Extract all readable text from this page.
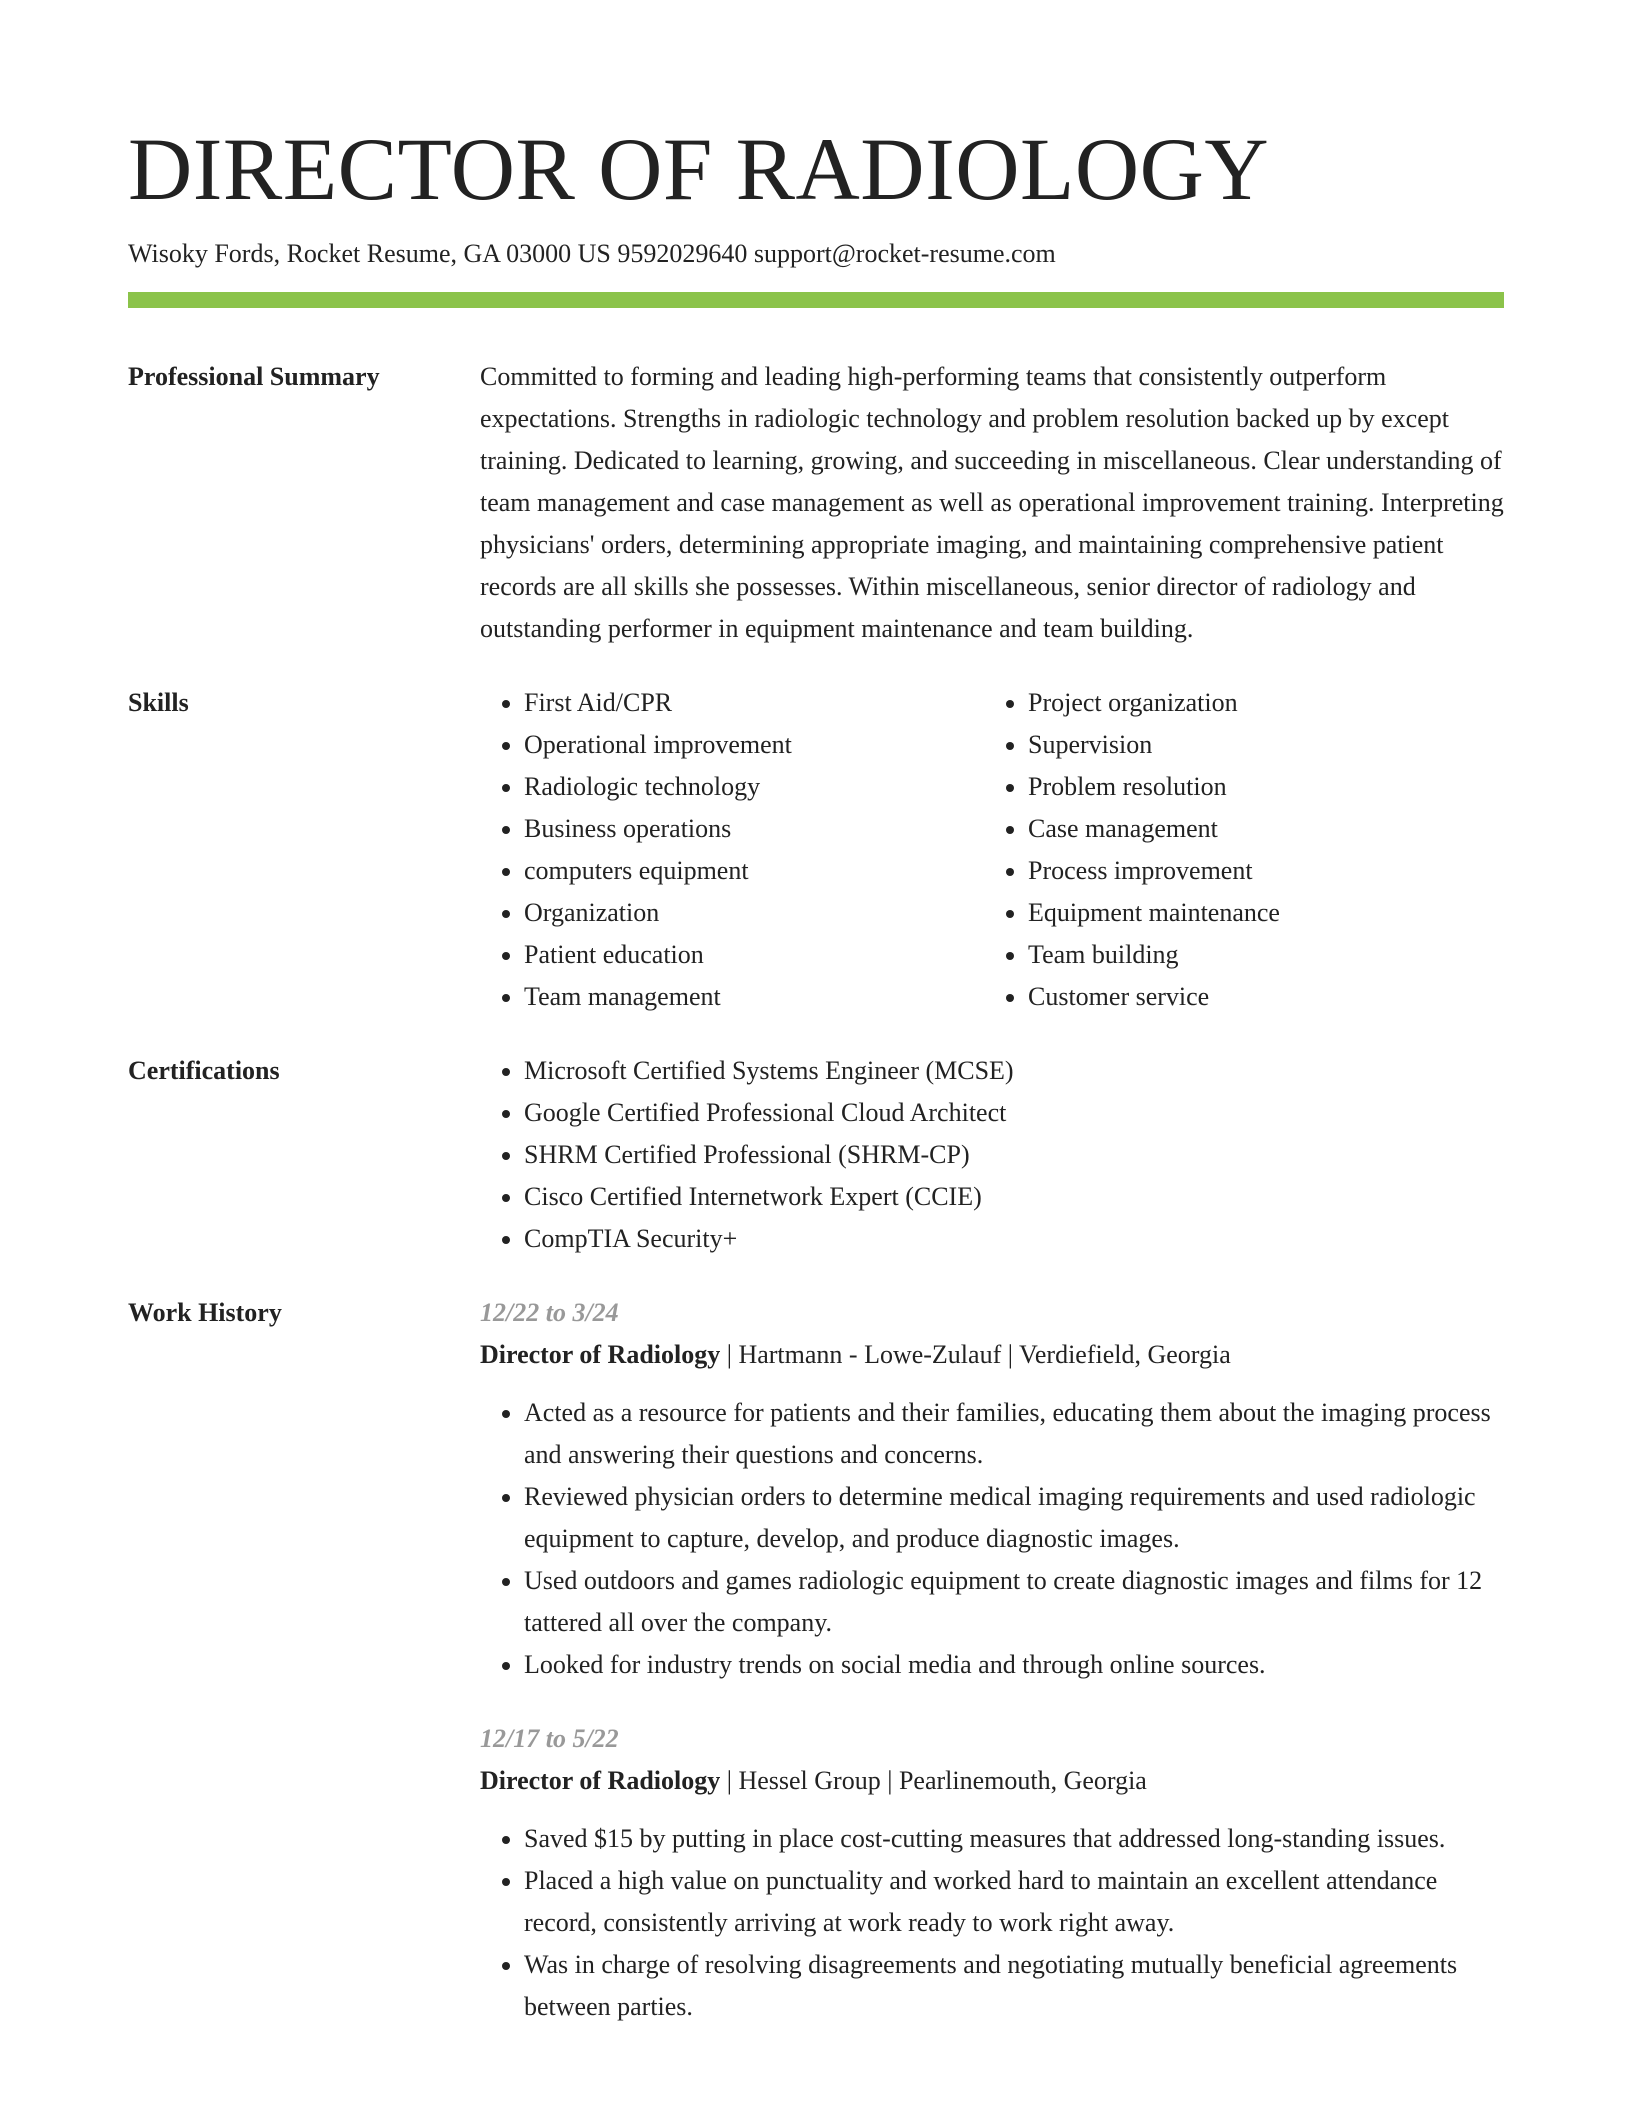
DIRECTOR OF RADIOLOGY
Wisoky Fords, Rocket Resume, GA 03000 US 9592029640 support@rocket-resume.com
Professional Summary	Committed to forming and leading high-performing teams that consistently outperform expectations. Strengths in radiologic technology and problem resolution backed up by except training. Dedicated to learning, growing, and succeeding in miscellaneous. Clear understanding of team management and case management as well as operational improvement training. Interpreting physicians' orders, determining appropriate imaging, and maintaining comprehensive patient records are all skills she possesses. Within miscellaneous, senior director of radiology and outstanding performer in equipment maintenance and team building.

Skills	• First Aid/CPR
• Operational improvement
• Radiologic technology
• Business operations
• computers equipment
• Organization
• Patient education
• Team management
• Project organization
• Supervision
• Problem resolution
• Case management
• Process improvement
• Equipment maintenance
• Team building
• Customer service
Certifications	• Microsoft Certified Systems Engineer (MCSE)
• Google Certified Professional Cloud Architect
• SHRM Certified Professional (SHRM-CP)
• Cisco Certified Internetwork Expert (CCIE)
• CompTIA Security+
Work History	12/22 to 3/24
Director of Radiology | Hartmann - Lowe-Zulauf | Verdiefield, Georgia
• Acted as a resource for patients and their families, educating them about the imaging process and answering their questions and concerns.
• Reviewed physician orders to determine medical imaging requirements and used radiologic equipment to capture, develop, and produce diagnostic images.
• Used outdoors and games radiologic equipment to create diagnostic images and films for 12 tattered all over the company.
• Looked for industry trends on social media and through online sources.
12/17 to 5/22
Director of Radiology | Hessel Group | Pearlinemouth, Georgia
• Saved $15 by putting in place cost-cutting measures that addressed long-standing issues.
• Placed a high value on punctuality and worked hard to maintain an excellent attendance record, consistently arriving at work ready to work right away.
• Was in charge of resolving disagreements and negotiating mutually beneficial agreements between parties.
